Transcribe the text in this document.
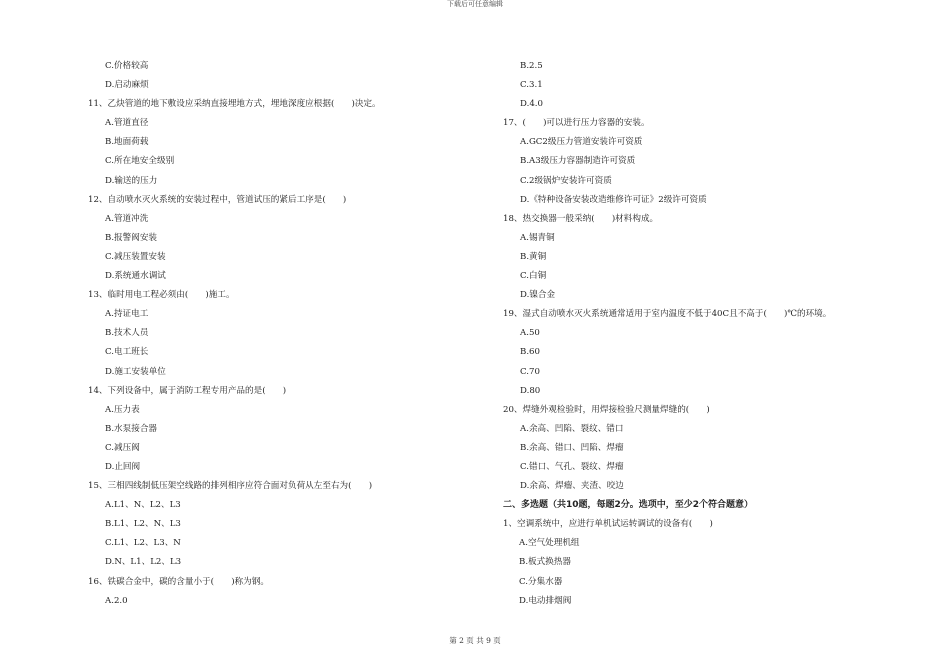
下载后可任意编辑
C.价格较高
D.启动麻烦
11、乙炔管道的地下敷设应采纳直接埋地方式，埋地深度应根据(　　)决定。
A.管道直径
B.地面荷载
C.所在地安全级别
D.输送的压力
12、自动喷水灭火系统的安装过程中，管道试压的紧后工序是(　　)
A.管道冲洗
B.报警阀安装
C.减压装置安装
D.系统通水调试
13、临时用电工程必须由(　　)施工。
A.持证电工
B.技术人员
C.电工班长
D.施工安装单位
14、下列设备中，属于消防工程专用产品的是(　　)
A.压力表
B.水泵接合器
C.减压阀
D.止回阀
15、三相四线制低压架空线路的排列相序应符合面对负荷从左至右为(　　)
A.L1、N、L2、L3
B.L1、L2、N、L3
C.L1、L2、L3、N
D.N、L1、L2、L3
16、铁碳合金中，碳的含量小于(　　)称为钢。
A.2.0
B.2.5
C.3.1
D.4.0
17、(　　)可以进行压力容器的安装。
A.GC2级压力管道安装许可资质
B.A3级压力容器制造许可资质
C.2级锅炉安装许可资质
D.《特种设备安装改造维修许可证》2级许可资质
18、热交换器一般采纳(　　)材料构成。
A.锡青铜
B.黄铜
C.白铜
D.镍合金
19、湿式自动喷水灭火系统通常适用于室内温度不低于40C且不高于(　　)℃的环境。
A.50
B.60
C.70
D.80
20、焊缝外观检验时，用焊接检验尺测量焊缝的(　　)
A.余高、凹陷、裂纹、错口
B.余高、错口、凹陷、焊瘤
C.错口、气孔、裂纹、焊瘤
D.余高、焊瘤、夹渣、咬边
二、多选题（共10题，每题2分。选项中，至少2个符合题意）
1、空调系统中，应进行单机试运转调试的设备有(　　)
A.空气处理机组
B.板式换热器
C.分集水器
D.电动排烟阀
第 2 页 共 9 页
